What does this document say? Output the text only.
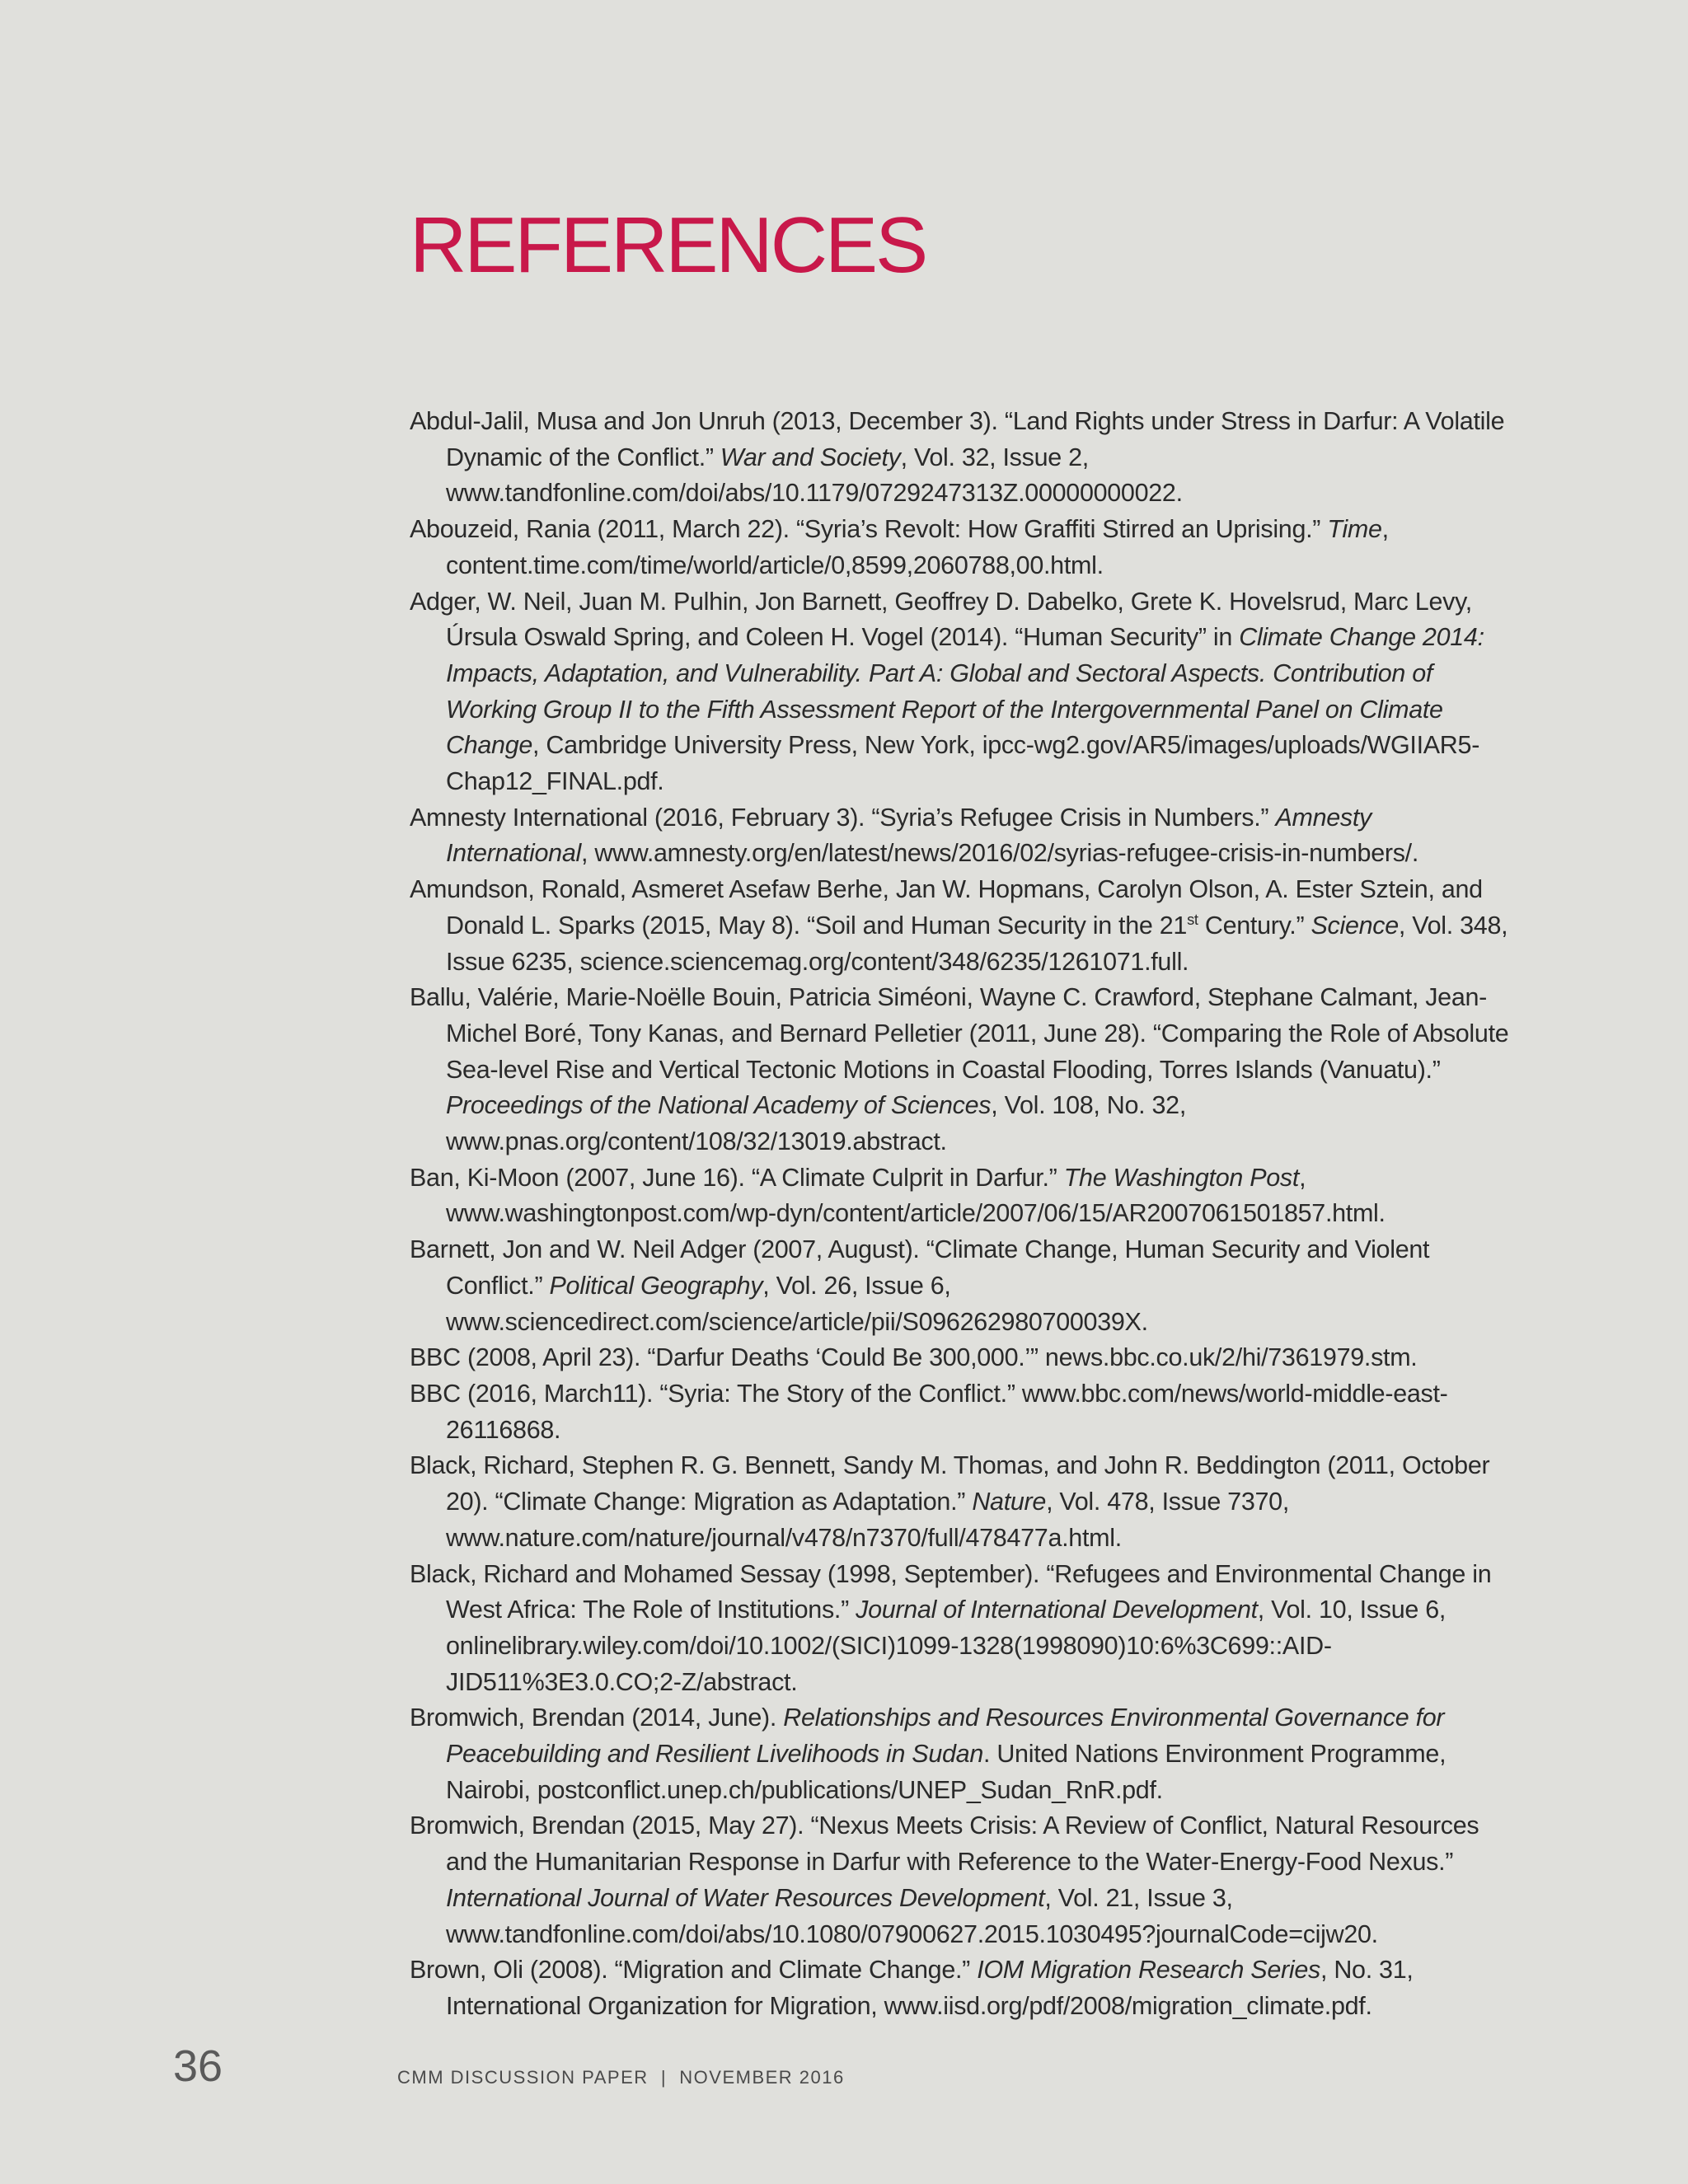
REFERENCES

Abdul-Jalil, Musa and Jon Unruh (2013, December 3). “Land Rights under Stress in Darfur: A Volatile Dynamic of the Conflict.” War and Society, Vol. 32, Issue 2, www.tandfonline.com/doi/abs/10.1179/0729247313Z.00000000022.

Abouzeid, Rania (2011, March 22). “Syria’s Revolt: How Graffiti Stirred an Uprising.” Time, content.time.com/time/world/article/0,8599,2060788,00.html.

Adger, W. Neil, Juan M. Pulhin, Jon Barnett, Geoffrey D. Dabelko, Grete K. Hovelsrud, Marc Levy, Úrsula Oswald Spring, and Coleen H. Vogel (2014). “Human Security” in Climate Change 2014: Impacts, Adaptation, and Vulnerability. Part A: Global and Sectoral Aspects. Contribution of Working Group II to the Fifth Assessment Report of the Intergovernmental Panel on Climate Change, Cambridge University Press, New York, ipcc-wg2.gov/AR5/images/uploads/WGIIAR5-Chap12_FINAL.pdf.

Amnesty International (2016, February 3). “Syria’s Refugee Crisis in Numbers.” Amnesty International, www.amnesty.org/en/latest/news/2016/02/syrias-refugee-crisis-in-numbers/.

Amundson, Ronald, Asmeret Asefaw Berhe, Jan W. Hopmans, Carolyn Olson, A. Ester Sztein, and Donald L. Sparks (2015, May 8). “Soil and Human Security in the 21st Century.” Science, Vol. 348, Issue 6235, science.sciencemag.org/content/348/6235/1261071.full.

Ballu, Valérie, Marie-Noëlle Bouin, Patricia Siméoni, Wayne C. Crawford, Stephane Calmant, Jean-Michel Boré, Tony Kanas, and Bernard Pelletier (2011, June 28). “Comparing the Role of Absolute Sea-level Rise and Vertical Tectonic Motions in Coastal Flooding, Torres Islands (Vanuatu).” Proceedings of the National Academy of Sciences, Vol. 108, No. 32, www.pnas.org/content/108/32/13019.abstract.

Ban, Ki-Moon (2007, June 16). “A Climate Culprit in Darfur.” The Washington Post, www.washingtonpost.com/wp-dyn/content/article/2007/06/15/AR2007061501857.html.

Barnett, Jon and W. Neil Adger (2007, August). “Climate Change, Human Security and Violent Conflict.” Political Geography, Vol. 26, Issue 6, www.sciencedirect.com/science/article/pii/S096262980700039X.

BBC (2008, April 23). “Darfur Deaths ‘Could Be 300,000.’” news.bbc.co.uk/2/hi/7361979.stm.

BBC (2016, March11). “Syria: The Story of the Conflict.” www.bbc.com/news/world-middle-east-26116868.

Black, Richard, Stephen R. G. Bennett, Sandy M. Thomas, and John R. Beddington (2011, October 20). “Climate Change: Migration as Adaptation.” Nature, Vol. 478, Issue 7370, www.nature.com/nature/journal/v478/n7370/full/478477a.html.

Black, Richard and Mohamed Sessay (1998, September). “Refugees and Environmental Change in West Africa: The Role of Institutions.” Journal of International Development, Vol. 10, Issue 6, onlinelibrary.wiley.com/doi/10.1002/(SICI)1099-1328(1998090)10:6%3C699::AID-JID511%3E3.0.CO;2-Z/abstract.

Bromwich, Brendan (2014, June). Relationships and Resources Environmental Governance for Peacebuilding and Resilient Livelihoods in Sudan. United Nations Environment Programme, Nairobi, postconflict.unep.ch/publications/UNEP_Sudan_RnR.pdf.

Bromwich, Brendan (2015, May 27). “Nexus Meets Crisis: A Review of Conflict, Natural Resources and the Humanitarian Response in Darfur with Reference to the Water-Energy-Food Nexus.” International Journal of Water Resources Development, Vol. 21, Issue 3, www.tandfonline.com/doi/abs/10.1080/07900627.2015.1030495?journalCode=cijw20.

Brown, Oli (2008). “Migration and Climate Change.” IOM Migration Research Series, No. 31, International Organization for Migration, www.iisd.org/pdf/2008/migration_climate.pdf.

36	CMM DISCUSSION PAPER  |  NOVEMBER 2016
